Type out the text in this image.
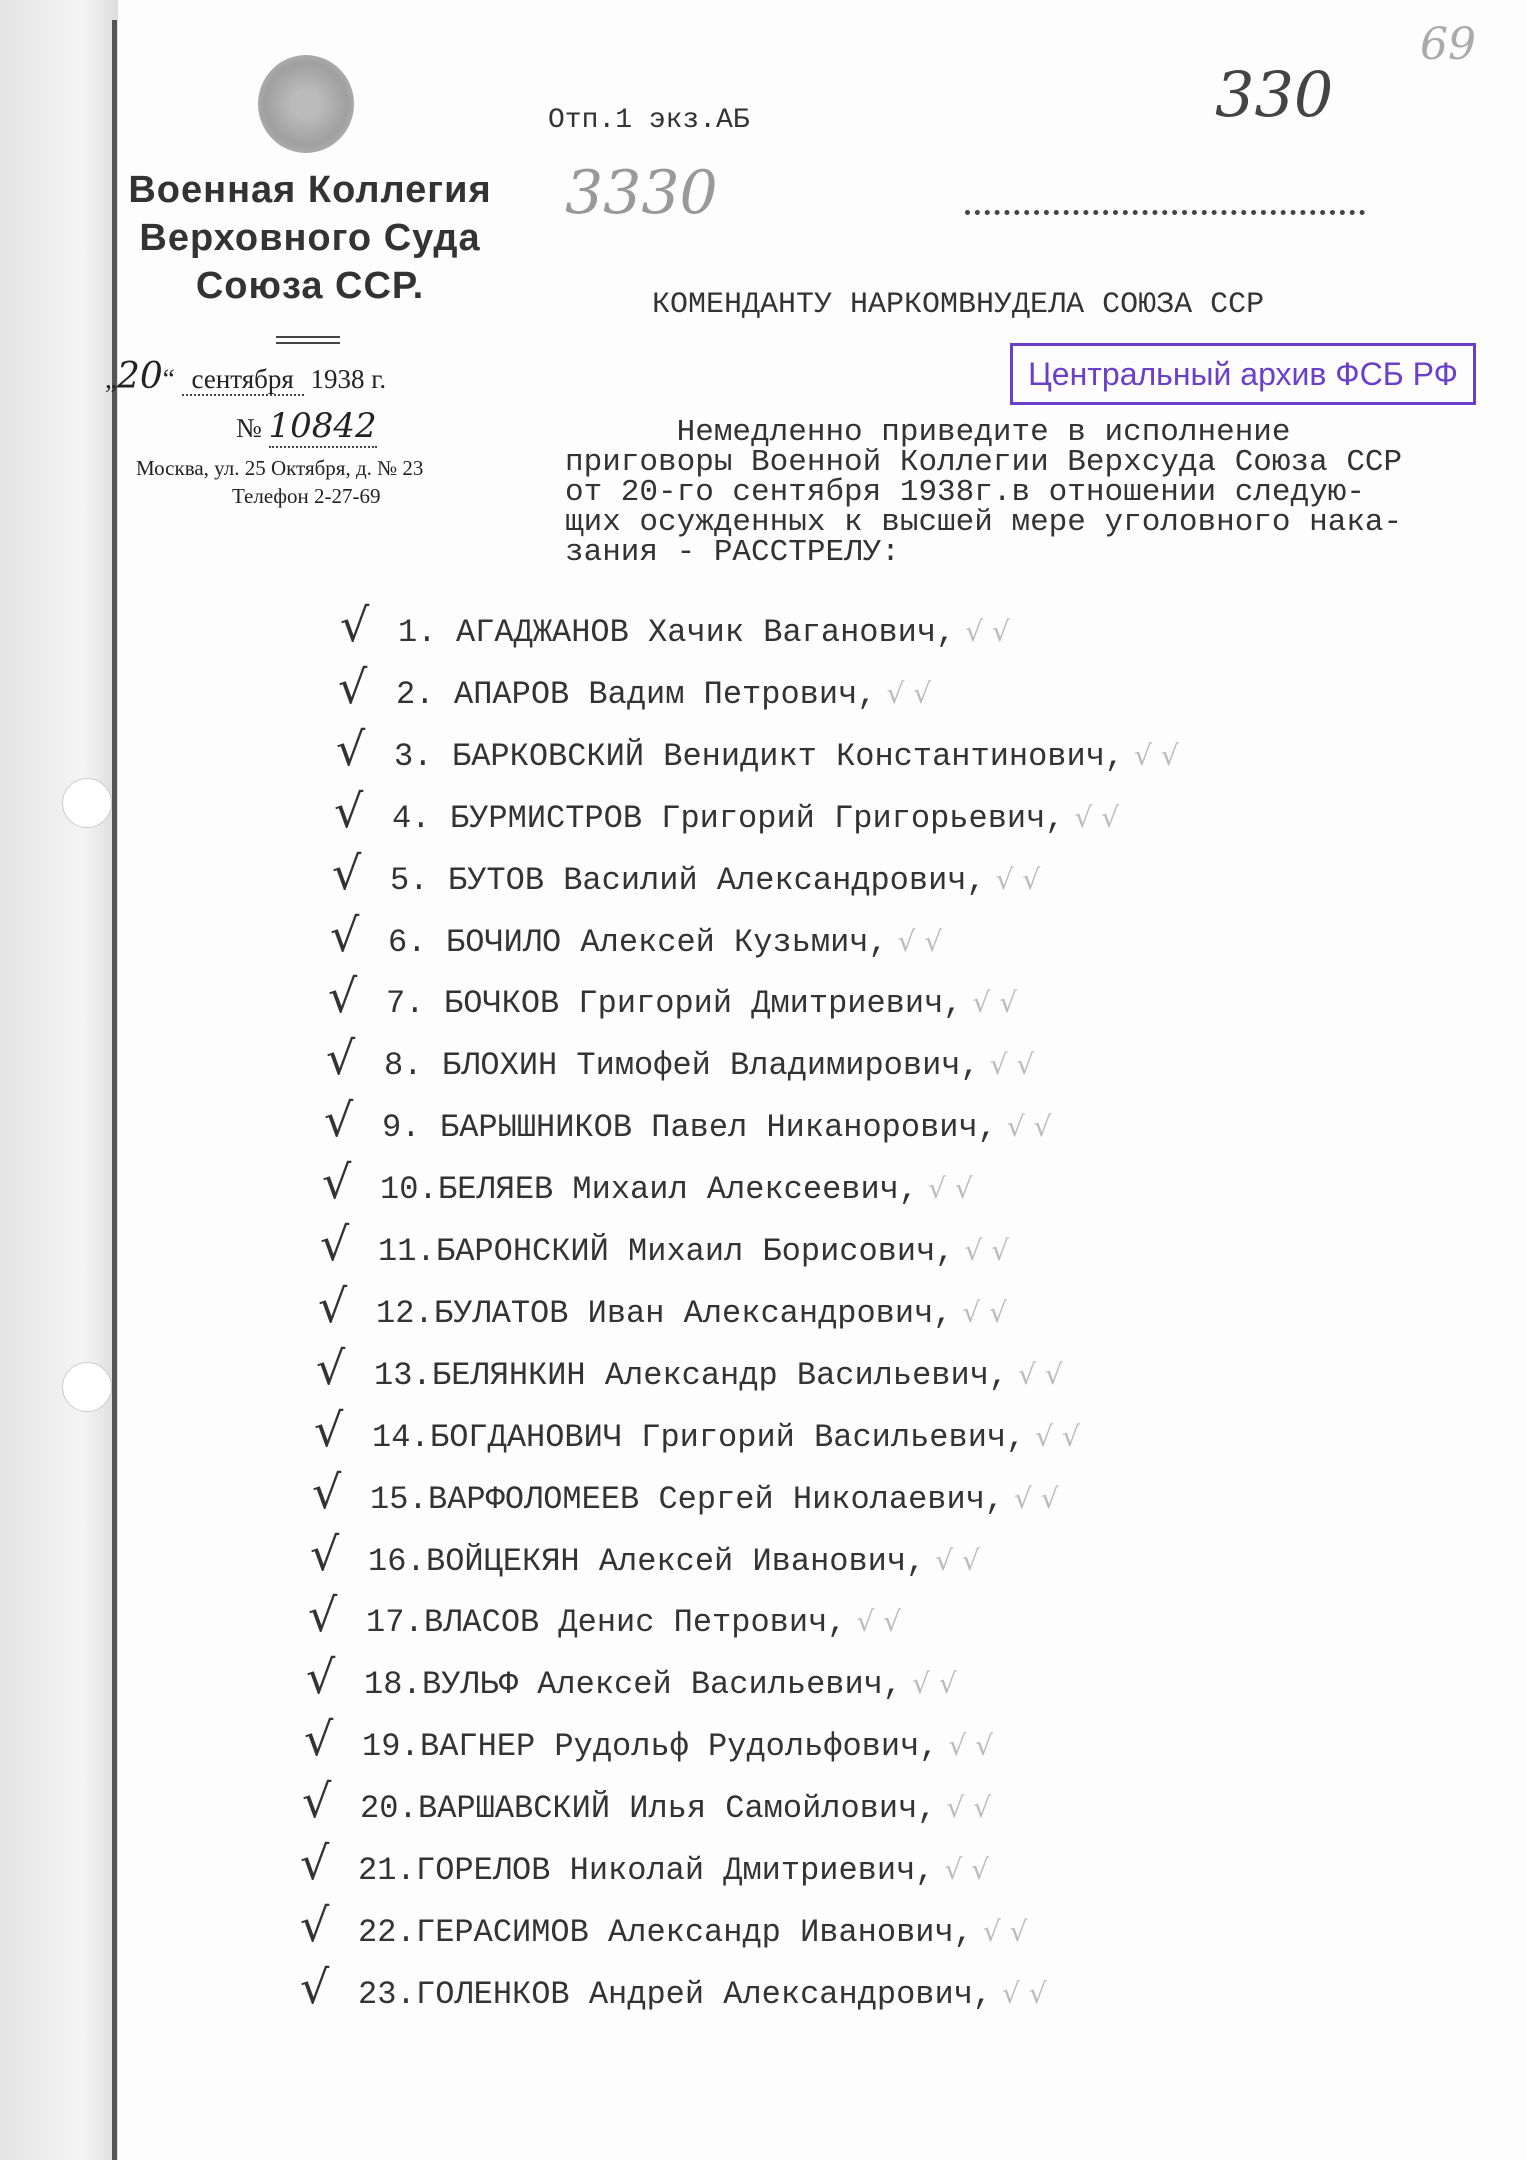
Военная Коллегия
Верховного Суда
Союза ССР.
„20“ сентября 1938 г.
№ 10842
Москва, ул. 25 Октября, д. № 23
Телефон 2-27-69
Отп.1 экз.АБ	330
69
3330
КОМЕНДАНТУ НАРКОМВНУДЕЛА СОЮЗА ССР
Центральный архив ФСБ РФ
Немедленно приведите в исполнение
приговоры Военной Коллегии Верхсуда Союза ССР
от 20-го сентября 1938г.в отношении следую-
щих осужденных к высшей мере уголовного нака-
зания - РАССТРЕЛУ:
√ 1. АГАДЖАНОВ Хачик Ваганович, √ √
√ 2. АПАРОВ Вадим Петрович, √ √
√ 3. БАРКОВСКИЙ Венидикт Константинович, √ √
√ 4. БУРМИСТРОВ Григорий Григорьевич, √ √
√ 5. БУТОВ Василий Александрович, √ √
√ 6. БОЧИЛО Алексей Кузьмич, √ √
√ 7. БОЧКОВ Григорий Дмитриевич, √ √
√ 8. БЛОХИН Тимофей Владимирович, √ √
√ 9. БАРЫШНИКОВ Павел Никанорович, √ √
√ 10. БЕЛЯЕВ Михаил Алексеевич, √ √
√ 11. БАРОНСКИЙ Михаил Борисович, √ √
√ 12. БУЛАТОВ Иван Александрович, √ √
√ 13. БЕЛЯНКИН Александр Васильевич, √ √
√ 14. БОГДАНОВИЧ Григорий Васильевич, √ √
√ 15. ВАРФОЛОМЕЕВ Сергей Николаевич, √ √
√ 16. ВОЙЦЕКЯН Алексей Иванович, √ √
√ 17. ВЛАСОВ Денис Петрович, √ √
√ 18. ВУЛЬФ Алексей Васильевич, √ √
√ 19. ВАГНЕР Рудольф Рудольфович, √ √
√ 20. ВАРШАВСКИЙ Илья Самойлович, √ √
√ 21. ГОРЕЛОВ Николай Дмитриевич, √ √
√ 22. ГЕРАСИМОВ Александр Иванович, √ √
√ 23. ГОЛЕНКОВ Андрей Александрович, √ √
